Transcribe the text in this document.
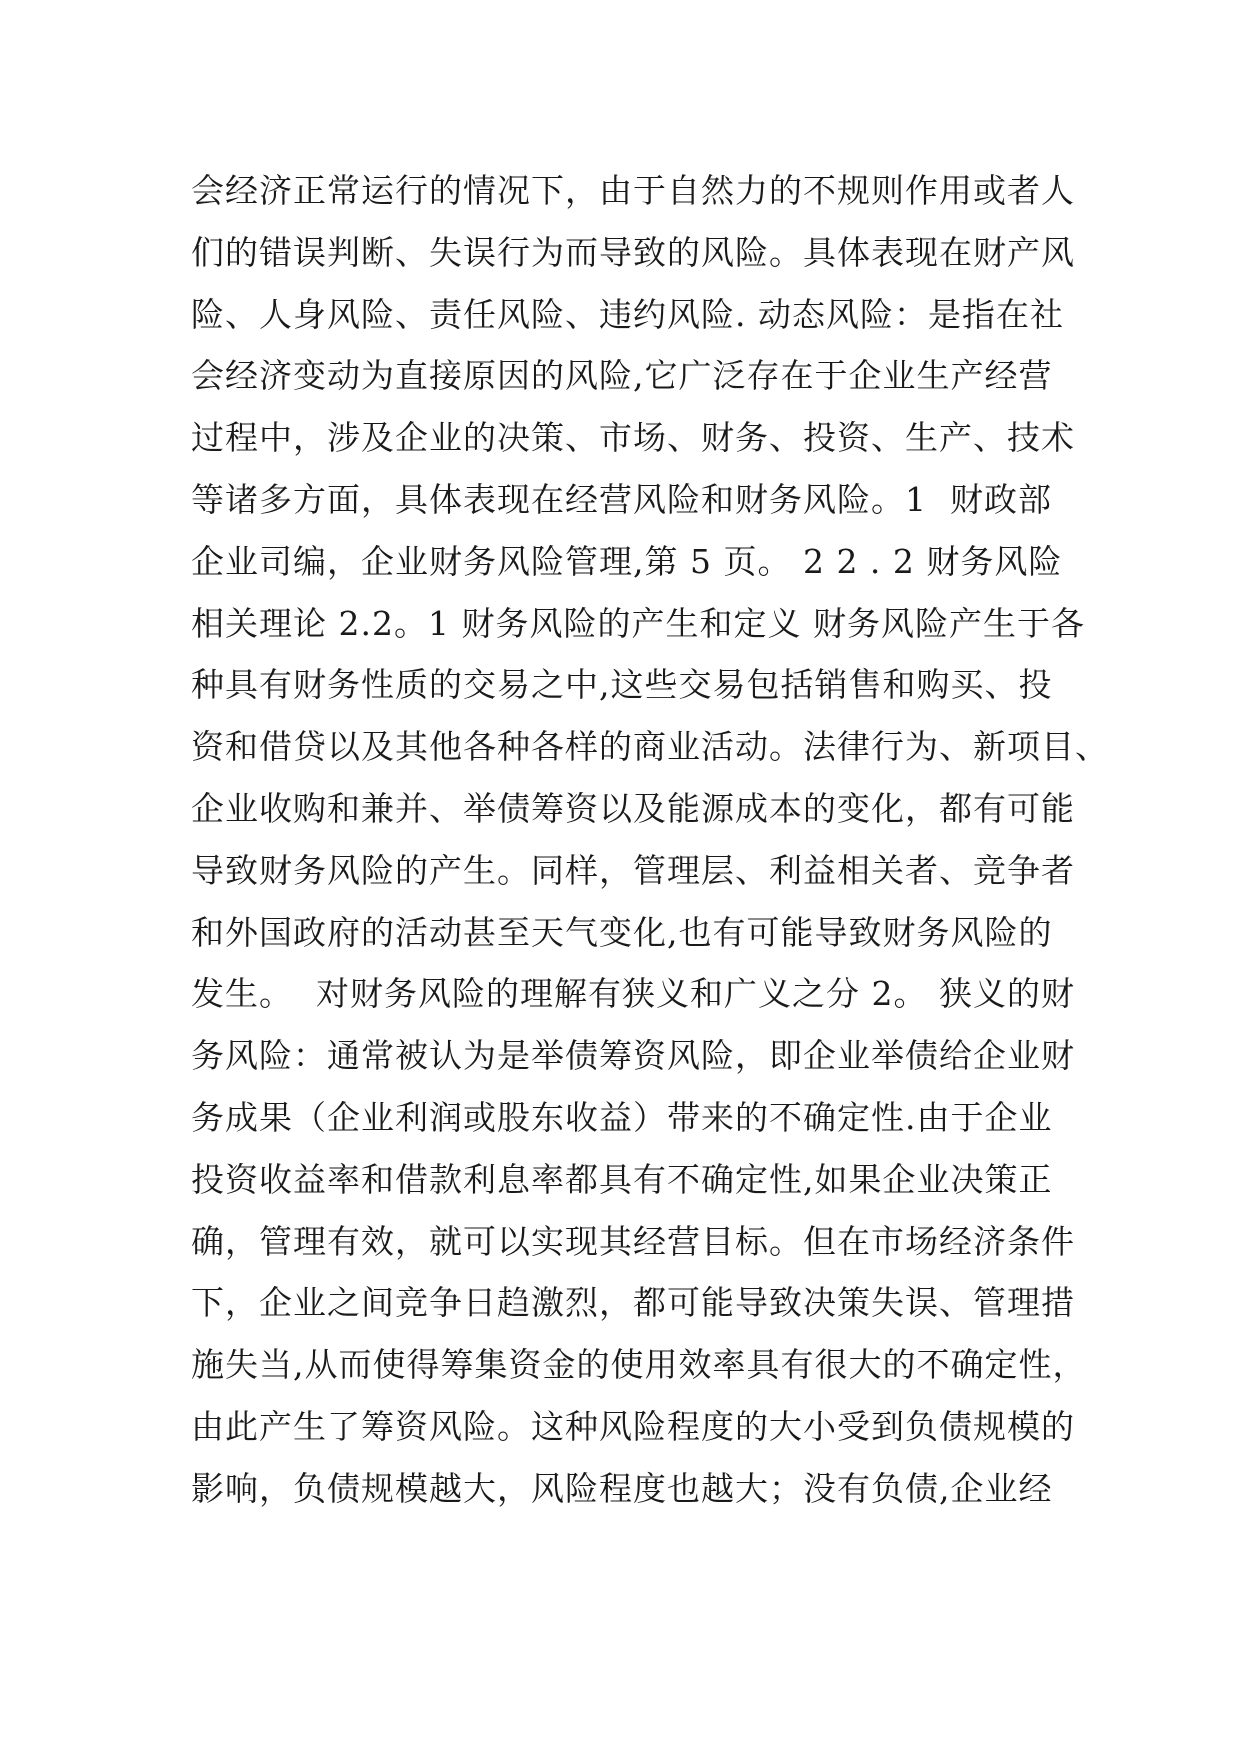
会经济正常运行的情况下，由于自然力的不规则作用或者人
们的错误判断、失误行为而导致的风险。具体表现在财产风
险、人身风险、责任风险、违约风险. 动态风险：是指在社
会经济变动为直接原因的风险,它广泛存在于企业生产经营
过程中，涉及企业的决策、市场、财务、投资、生产、技术
等诸多方面，具体表现在经营风险和财务风险。1  财政部
企业司编，企业财务风险管理,第 5 页。 2 2 . 2 财务风险
相关理论 2.2。1 财务风险的产生和定义 财务风险产生于各
种具有财务性质的交易之中,这些交易包括销售和购买、投
资和借贷以及其他各种各样的商业活动。法律行为、新项目、
企业收购和兼并、举债筹资以及能源成本的变化，都有可能
导致财务风险的产生。同样，管理层、利益相关者、竞争者
和外国政府的活动甚至天气变化,也有可能导致财务风险的
发生。  对财务风险的理解有狭义和广义之分 2。 狭义的财
务风险：通常被认为是举债筹资风险，即企业举债给企业财
务成果（企业利润或股东收益）带来的不确定性.由于企业
投资收益率和借款利息率都具有不确定性,如果企业决策正
确，管理有效，就可以实现其经营目标。但在市场经济条件
下，企业之间竞争日趋激烈，都可能导致决策失误、管理措
施失当,从而使得筹集资金的使用效率具有很大的不确定性，
由此产生了筹资风险。这种风险程度的大小受到负债规模的
影响，负债规模越大，风险程度也越大；没有负债,企业经
